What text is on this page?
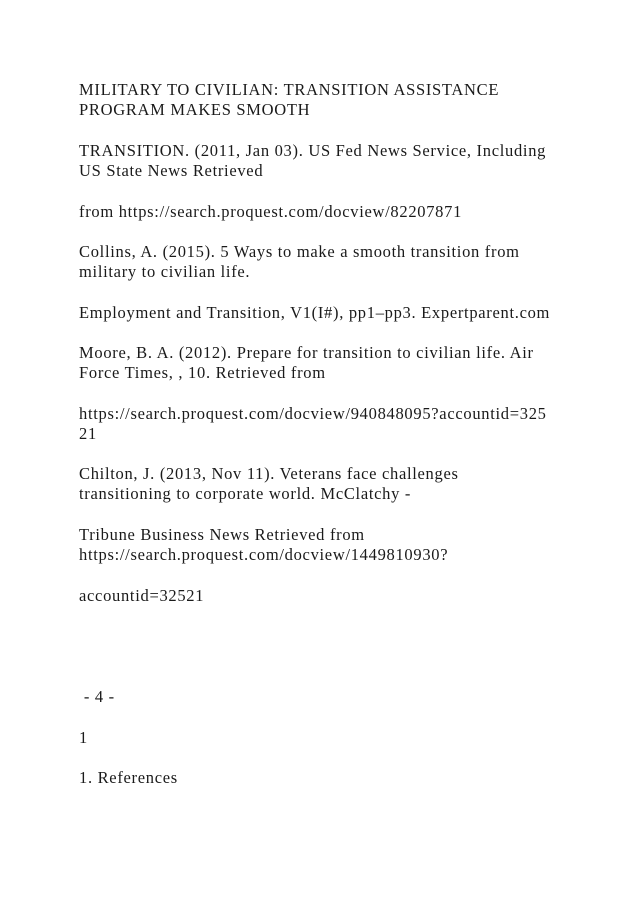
MILITARY TO CIVILIAN: TRANSITION ASSISTANCE
PROGRAM MAKES SMOOTH
TRANSITION. (2011, Jan 03). US Fed News Service, Including
US State News Retrieved
from https://search.proquest.com/docview/82207871
Collins, A. (2015). 5 Ways to make a smooth transition from
military to civilian life.
Employment and Transition, V1(I#), pp1–pp3. Expertparent.com
Moore, B. A. (2012). Prepare for transition to civilian life. Air
Force Times, , 10. Retrieved from
https://search.proquest.com/docview/940848095?accountid=325
21
Chilton, J. (2013, Nov 11). Veterans face challenges
transitioning to corporate world. McClatchy -
Tribune Business News Retrieved from
https://search.proquest.com/docview/1449810930?
accountid=32521
- 4 -
1
1. References
